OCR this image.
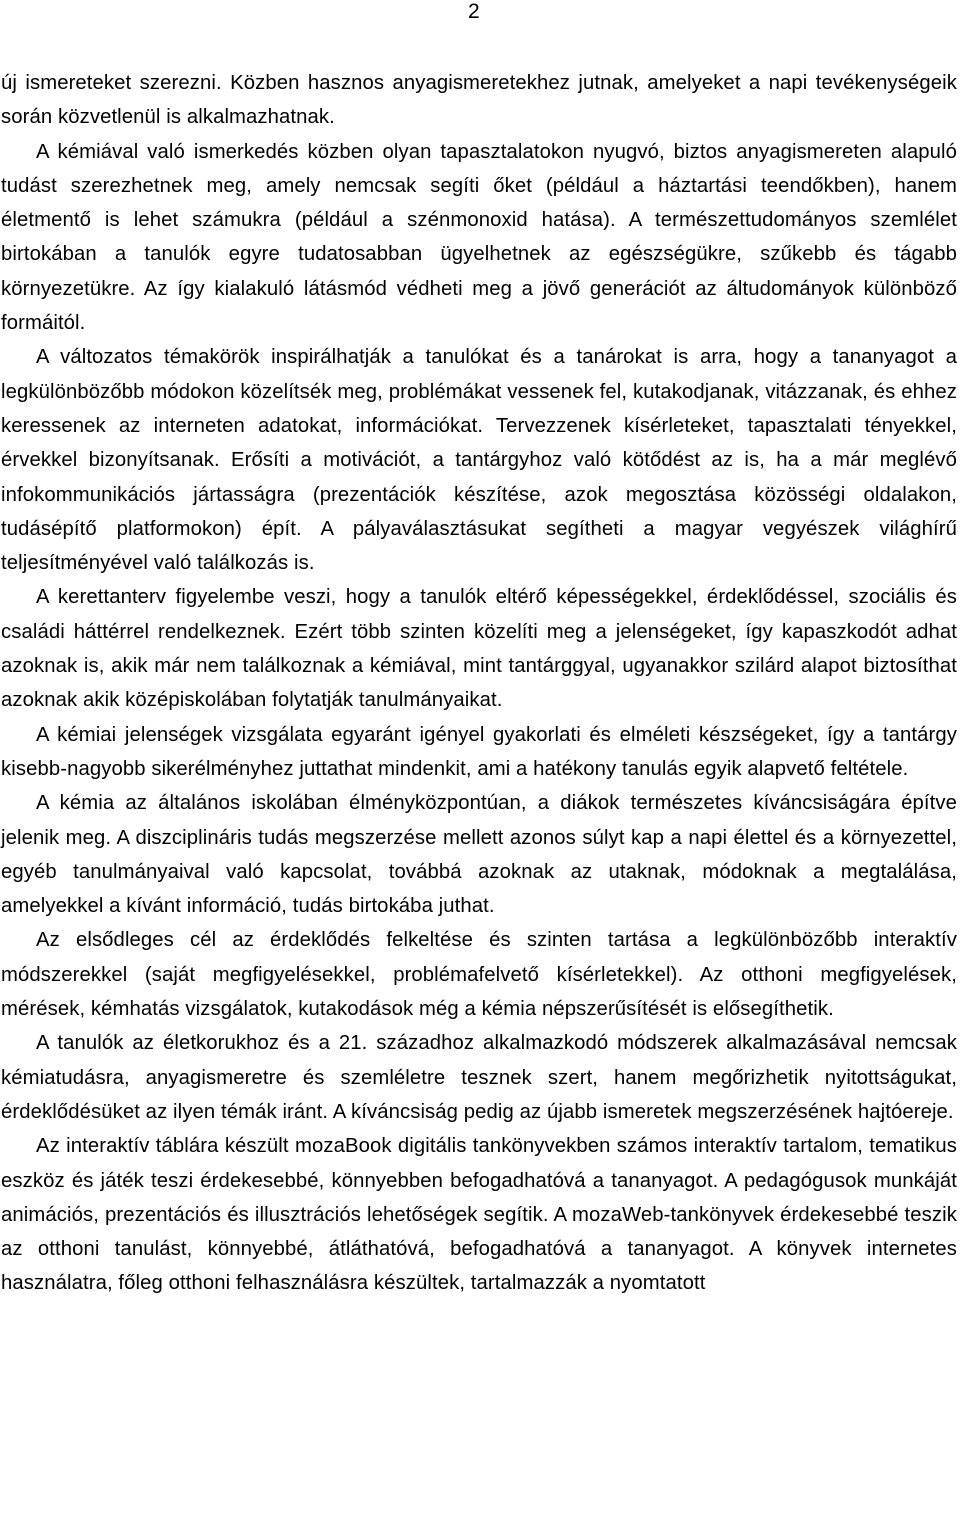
2

új ismereteket szerezni. Közben hasznos anyagismeretekhez jutnak, amelyeket a napi tevékenységeik során közvetlenül is alkalmazhatnak.

A kémiával való ismerkedés közben olyan tapasztalatokon nyugvó, biztos anyagismereten alapuló tudást szerezhetnek meg, amely nemcsak segíti őket (például a háztartási teendőkben), hanem életmentő is lehet számukra (például a szénmonoxid hatása). A természettudományos szemlélet birtokában a tanulók egyre tudatosabban ügyelhetnek az egészségükre, szűkebb és tágabb környezetükre. Az így kialakuló látásmód védheti meg a jövő generációt az áltudományok különböző formáitól.

A változatos témakörök inspirálhatják a tanulókat és a tanárokat is arra, hogy a tananyagot a legkülönbözőbb módokon közelítsék meg, problémákat vessenek fel, kutakodjanak, vitázzanak, és ehhez keressenek az interneten adatokat, információkat. Tervezzenek kísérleteket, tapasztalati tényekkel, érvekkel bizonyítsanak. Erősíti a motivációt, a tantárgyhoz való kötődést az is, ha a már meglévő infokommunikációs jártasságra (prezentációk készítése, azok megosztása közösségi oldalakon, tudásépítő platformokon) épít. A pályaválasztásukat segítheti a magyar vegyészek világhírű teljesítményével való találkozás is.

A kerettanterv figyelembe veszi, hogy a tanulók eltérő képességekkel, érdeklődéssel, szociális és családi háttérrel rendelkeznek. Ezért több szinten közelíti meg a jelenségeket, így kapaszkodót adhat azoknak is, akik már nem találkoznak a kémiával, mint tantárggyal, ugyanakkor szilárd alapot biztosíthat azoknak akik középiskolában folytatják tanulmányaikat.

A kémiai jelenségek vizsgálata egyaránt igényel gyakorlati és elméleti készségeket, így a tantárgy kisebb-nagyobb sikerélményhez juttathat mindenkit, ami a hatékony tanulás egyik alapvető feltétele.

A kémia az általános iskolában élményközpontúan, a diákok természetes kíváncsiságára építve jelenik meg. A diszciplináris tudás megszerzése mellett azonos súlyt kap a napi élettel és a környezettel, egyéb tanulmányaival való kapcsolat, továbbá azoknak az utaknak, módoknak a megtalálása, amelyekkel a kívánt információ, tudás birtokába juthat.

Az elsődleges cél az érdeklődés felkeltése és szinten tartása a legkülönbözőbb interaktív módszerekkel (saját megfigyelésekkel, problémafelvető kísérletekkel). Az otthoni megfigyelések, mérések, kémhatás vizsgálatok, kutakodások még a kémia népszerűsítését is elősegíthetik.

A tanulók az életkorukhoz és a 21. századhoz alkalmazkodó módszerek alkalmazásával nemcsak kémiatudásra, anyagismeretre és szemléletre tesznek szert, hanem megőrizhetik nyitottságukat, érdeklődésüket az ilyen témák iránt. A kíváncsiság pedig az újabb ismeretek megszerzésének hajtóereje.

Az interaktív táblára készült mozaBook digitális tankönyvekben számos interaktív tartalom, tematikus eszköz és játék teszi érdekesebbé, könnyebben befogadhatóvá a tananyagot. A pedagógusok munkáját animációs, prezentációs és illusztrációs lehetőségek segítik. A mozaWeb-tankönyvek érdekesebbé teszik az otthoni tanulást, könnyebbé, átláthatóvá, befogadhatóvá a tananyagot. A könyvek internetes használatra, főleg otthoni felhasználásra készültek, tartalmazzák a nyomtatott
